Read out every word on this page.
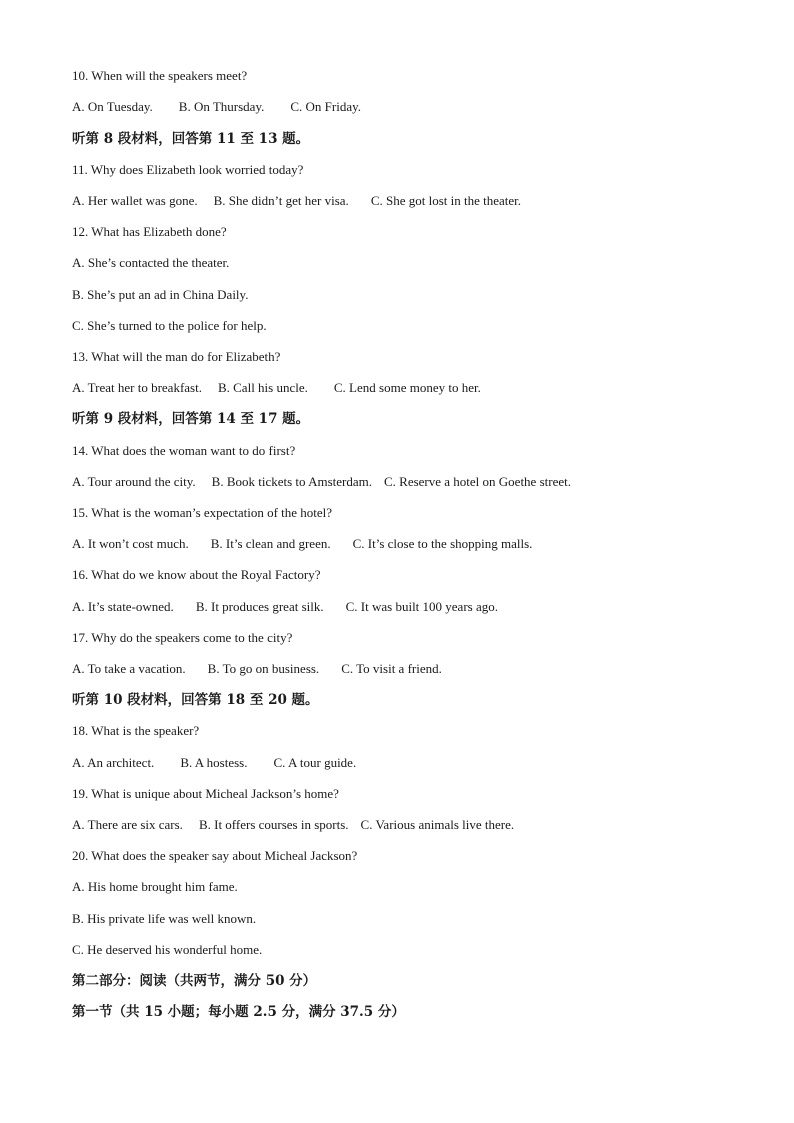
10. When will the speakers meet?
A. On Tuesday. B. On Thursday. C. On Friday.
听第 8 段材料，回答第 11 至 13 题。
11. Why does Elizabeth look worried today?
A. Her wallet was gone. B. She didn’t get her visa. C. She got lost in the theater.
12. What has Elizabeth done?
A. She’s contacted the theater.
B. She’s put an ad in China Daily.
C. She’s turned to the police for help.
13. What will the man do for Elizabeth?
A. Treat her to breakfast. B. Call his uncle. C. Lend some money to her.
听第 9 段材料，回答第 14 至 17 题。
14. What does the woman want to do first?
A. Tour around the city. B. Book tickets to Amsterdam. C. Reserve a hotel on Goethe street.
15. What is the woman’s expectation of the hotel?
A. It won’t cost much. B. It’s clean and green. C. It’s close to the shopping malls.
16. What do we know about the Royal Factory?
A. It’s state-owned. B. It produces great silk. C. It was built 100 years ago.
17. Why do the speakers come to the city?
A. To take a vacation. B. To go on business. C. To visit a friend.
听第 10 段材料，回答第 18 至 20 题。
18. What is the speaker?
A. An architect. B. A hostess. C. A tour guide.
19. What is unique about Micheal Jackson’s home?
A. There are six cars. B. It offers courses in sports. C. Various animals live there.
20. What does the speaker say about Micheal Jackson?
A. His home brought him fame.
B. His private life was well known.
C. He deserved his wonderful home.
第二部分：阅读（共两节，满分 50 分）
第一节（共 15 小题；每小题 2.5 分，满分 37.5 分）
